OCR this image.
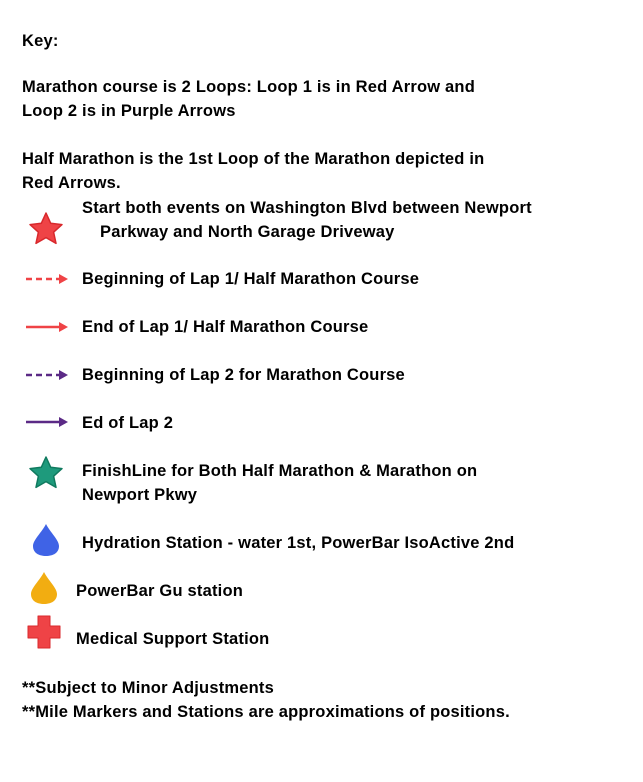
Key:
Marathon course is 2 Loops: Loop 1 is in Red Arrow and
Loop 2 is in Purple Arrows
Half Marathon is the 1st Loop of the Marathon depicted in
Red Arrows.
Start both events on Washington Blvd between Newport
Parkway and North Garage Driveway
Beginning of Lap 1/ Half Marathon Course
End of Lap 1/ Half Marathon Course
Beginning of Lap 2 for Marathon Course
Ed of Lap 2
FinishLine for Both Half Marathon & Marathon on
Newport Pkwy
Hydration Station - water 1st, PowerBar IsoActive 2nd
PowerBar Gu station
Medical Support Station
**Subject to Minor Adjustments
**Mile Markers and Stations are approximations of positions.
